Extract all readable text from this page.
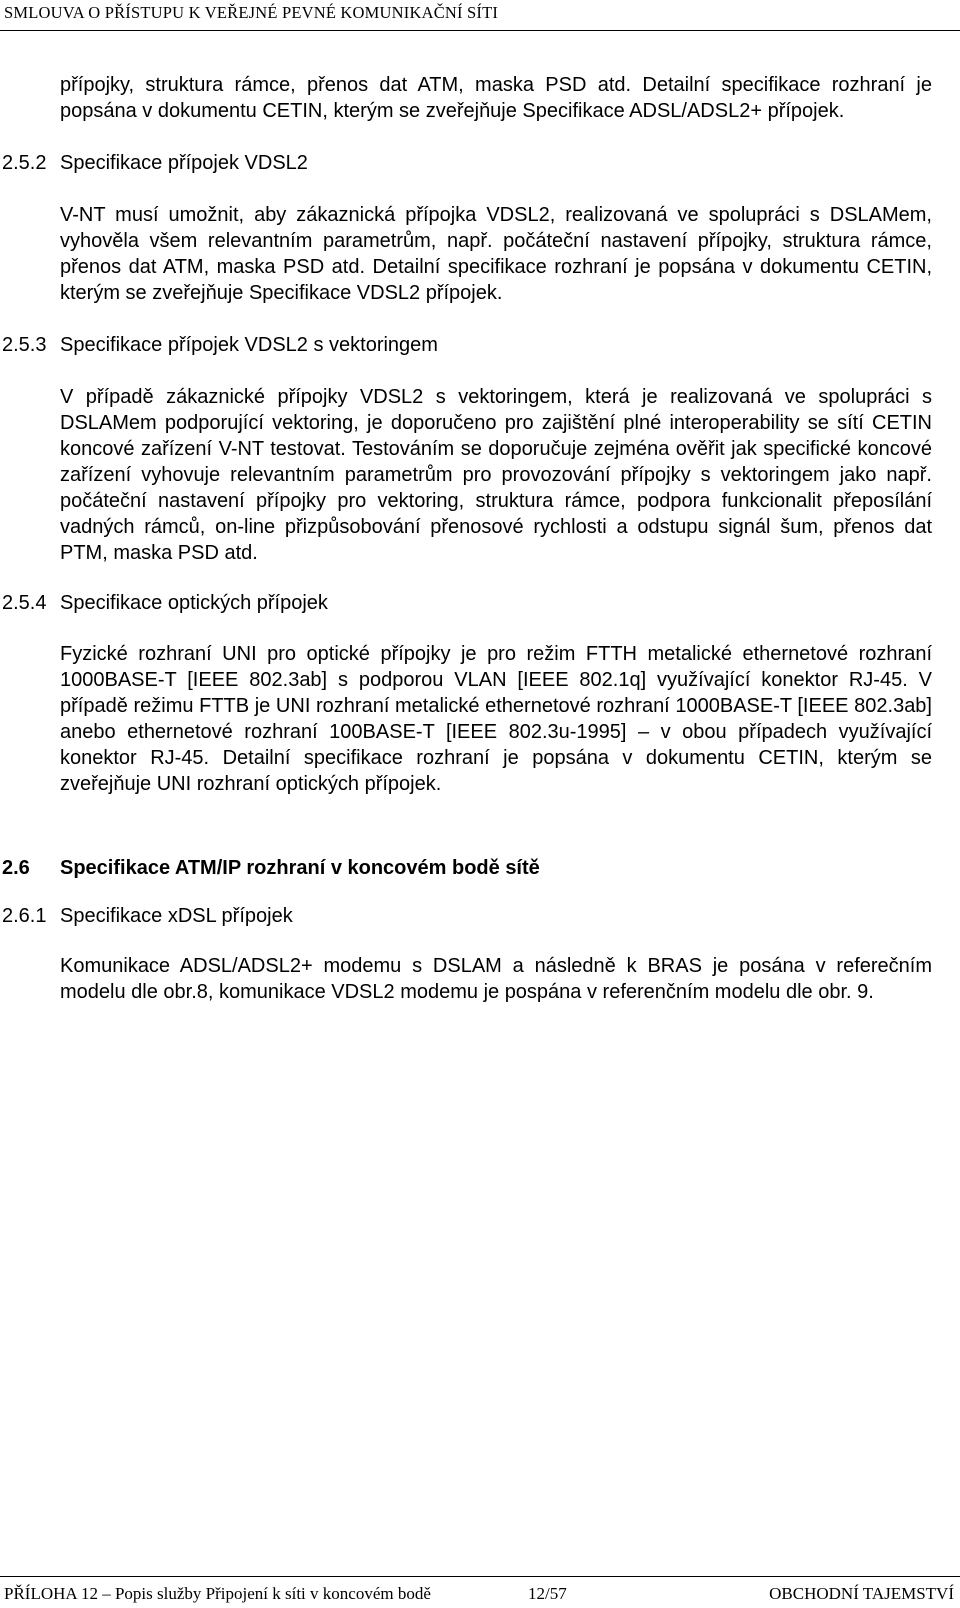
SMLOUVA O PŘÍSTUPU K VEŘEJNÉ PEVNÉ KOMUNIKAČNÍ SÍTI

přípojky, struktura rámce, přenos dat ATM, maska PSD atd. Detailní specifikace rozhraní je popsána v dokumentu CETIN, kterým se zveřejňuje Specifikace ADSL/ADSL2+ přípojek.

2.5.2 Specifikace přípojek VDSL2

V-NT musí umožnit, aby zákaznická přípojka VDSL2, realizovaná ve spolupráci s DSLAMem, vyhověla všem relevantním parametrům, např. počáteční nastavení přípojky, struktura rámce, přenos dat ATM, maska PSD atd. Detailní specifikace rozhraní je popsána v dokumentu CETIN, kterým se zveřejňuje Specifikace VDSL2 přípojek.

2.5.3 Specifikace přípojek VDSL2 s vektoringem

V případě zákaznické přípojky VDSL2 s vektoringem, která je realizovaná ve spolupráci s DSLAMem podporující vektoring, je doporučeno pro zajištění plné interoperability se sítí CETIN koncové zařízení V-NT testovat. Testováním se doporučuje zejména ověřit jak specifické koncové zařízení vyhovuje relevantním parametrům pro provozování přípojky s vektoringem jako např. počáteční nastavení přípojky pro vektoring, struktura rámce, podpora funkcionalit přeposílání vadných rámců, on-line přizpůsobování přenosové rychlosti a odstupu signál šum, přenos dat PTM, maska PSD atd.

2.5.4 Specifikace optických přípojek

Fyzické rozhraní UNI pro optické přípojky je pro režim FTTH metalické ethernetové rozhraní 1000BASE-T [IEEE 802.3ab] s podporou VLAN [IEEE 802.1q] využívající konektor RJ-45. V případě režimu FTTB je UNI rozhraní metalické ethernetové rozhraní 1000BASE-T [IEEE 802.3ab] anebo ethernetové rozhraní 100BASE-T [IEEE 802.3u-1995] – v obou případech využívající konektor RJ-45. Detailní specifikace rozhraní je popsána v dokumentu CETIN, kterým se zveřejňuje UNI rozhraní optických přípojek.

2.6 Specifikace ATM/IP rozhraní v koncovém bodě sítě
2.6.1 Specifikace xDSL přípojek

Komunikace ADSL/ADSL2+ modemu s DSLAM a následně k BRAS je posána v referečním modelu dle obr.8, komunikace VDSL2 modemu je pospána v referenčním modelu dle obr. 9.

PŘÍLOHA 12 – Popis služby Připojení k síti v koncovém bodě	12/57	OBCHODNÍ TAJEMSTVÍ
